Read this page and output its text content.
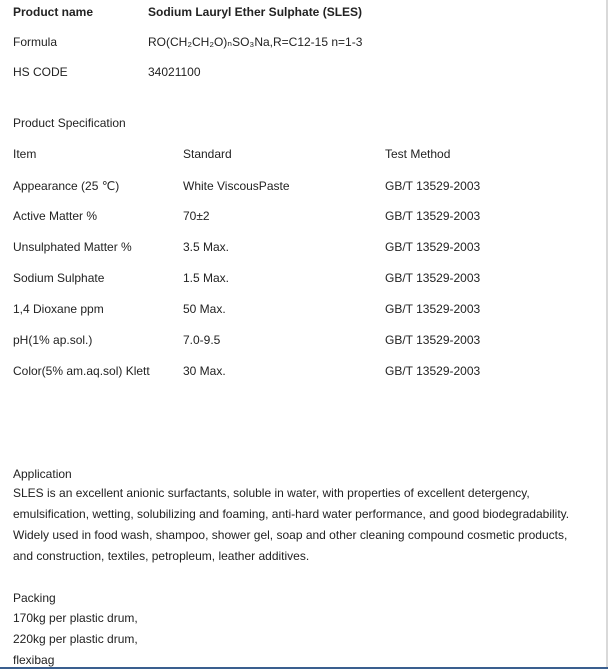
Product name	Sodium Lauryl Ether Sulphate (SLES)
Formula	RO(CH₂CH₂O)ₙSO₃Na,R=C12-15 n=1-3
HS CODE	34021100
Product Specification
Item	Standard	Test Method
Appearance (25 ℃)	White ViscousPaste	GB/T 13529-2003
Active Matter %	70±2	GB/T 13529-2003
Unsulphated Matter %	3.5 Max.	GB/T 13529-2003
Sodium Sulphate	1.5 Max.	GB/T 13529-2003
1,4 Dioxane ppm	50 Max.	GB/T 13529-2003
pH(1% ap.sol.)	7.0-9.5	GB/T 13529-2003
Color(5% am.aq.sol) Klett	30 Max.	GB/T 13529-2003
Application
SLES is an excellent anionic surfactants, soluble in water, with properties of excellent detergency,
emulsification, wetting, solubilizing and foaming, anti-hard water performance, and good biodegradability.
Widely used in food wash, shampoo, shower gel, soap and other cleaning compound cosmetic products,
and construction, textiles, petropleum, leather additives.
Packing
170kg per plastic drum,
220kg per plastic drum,
flexibag
